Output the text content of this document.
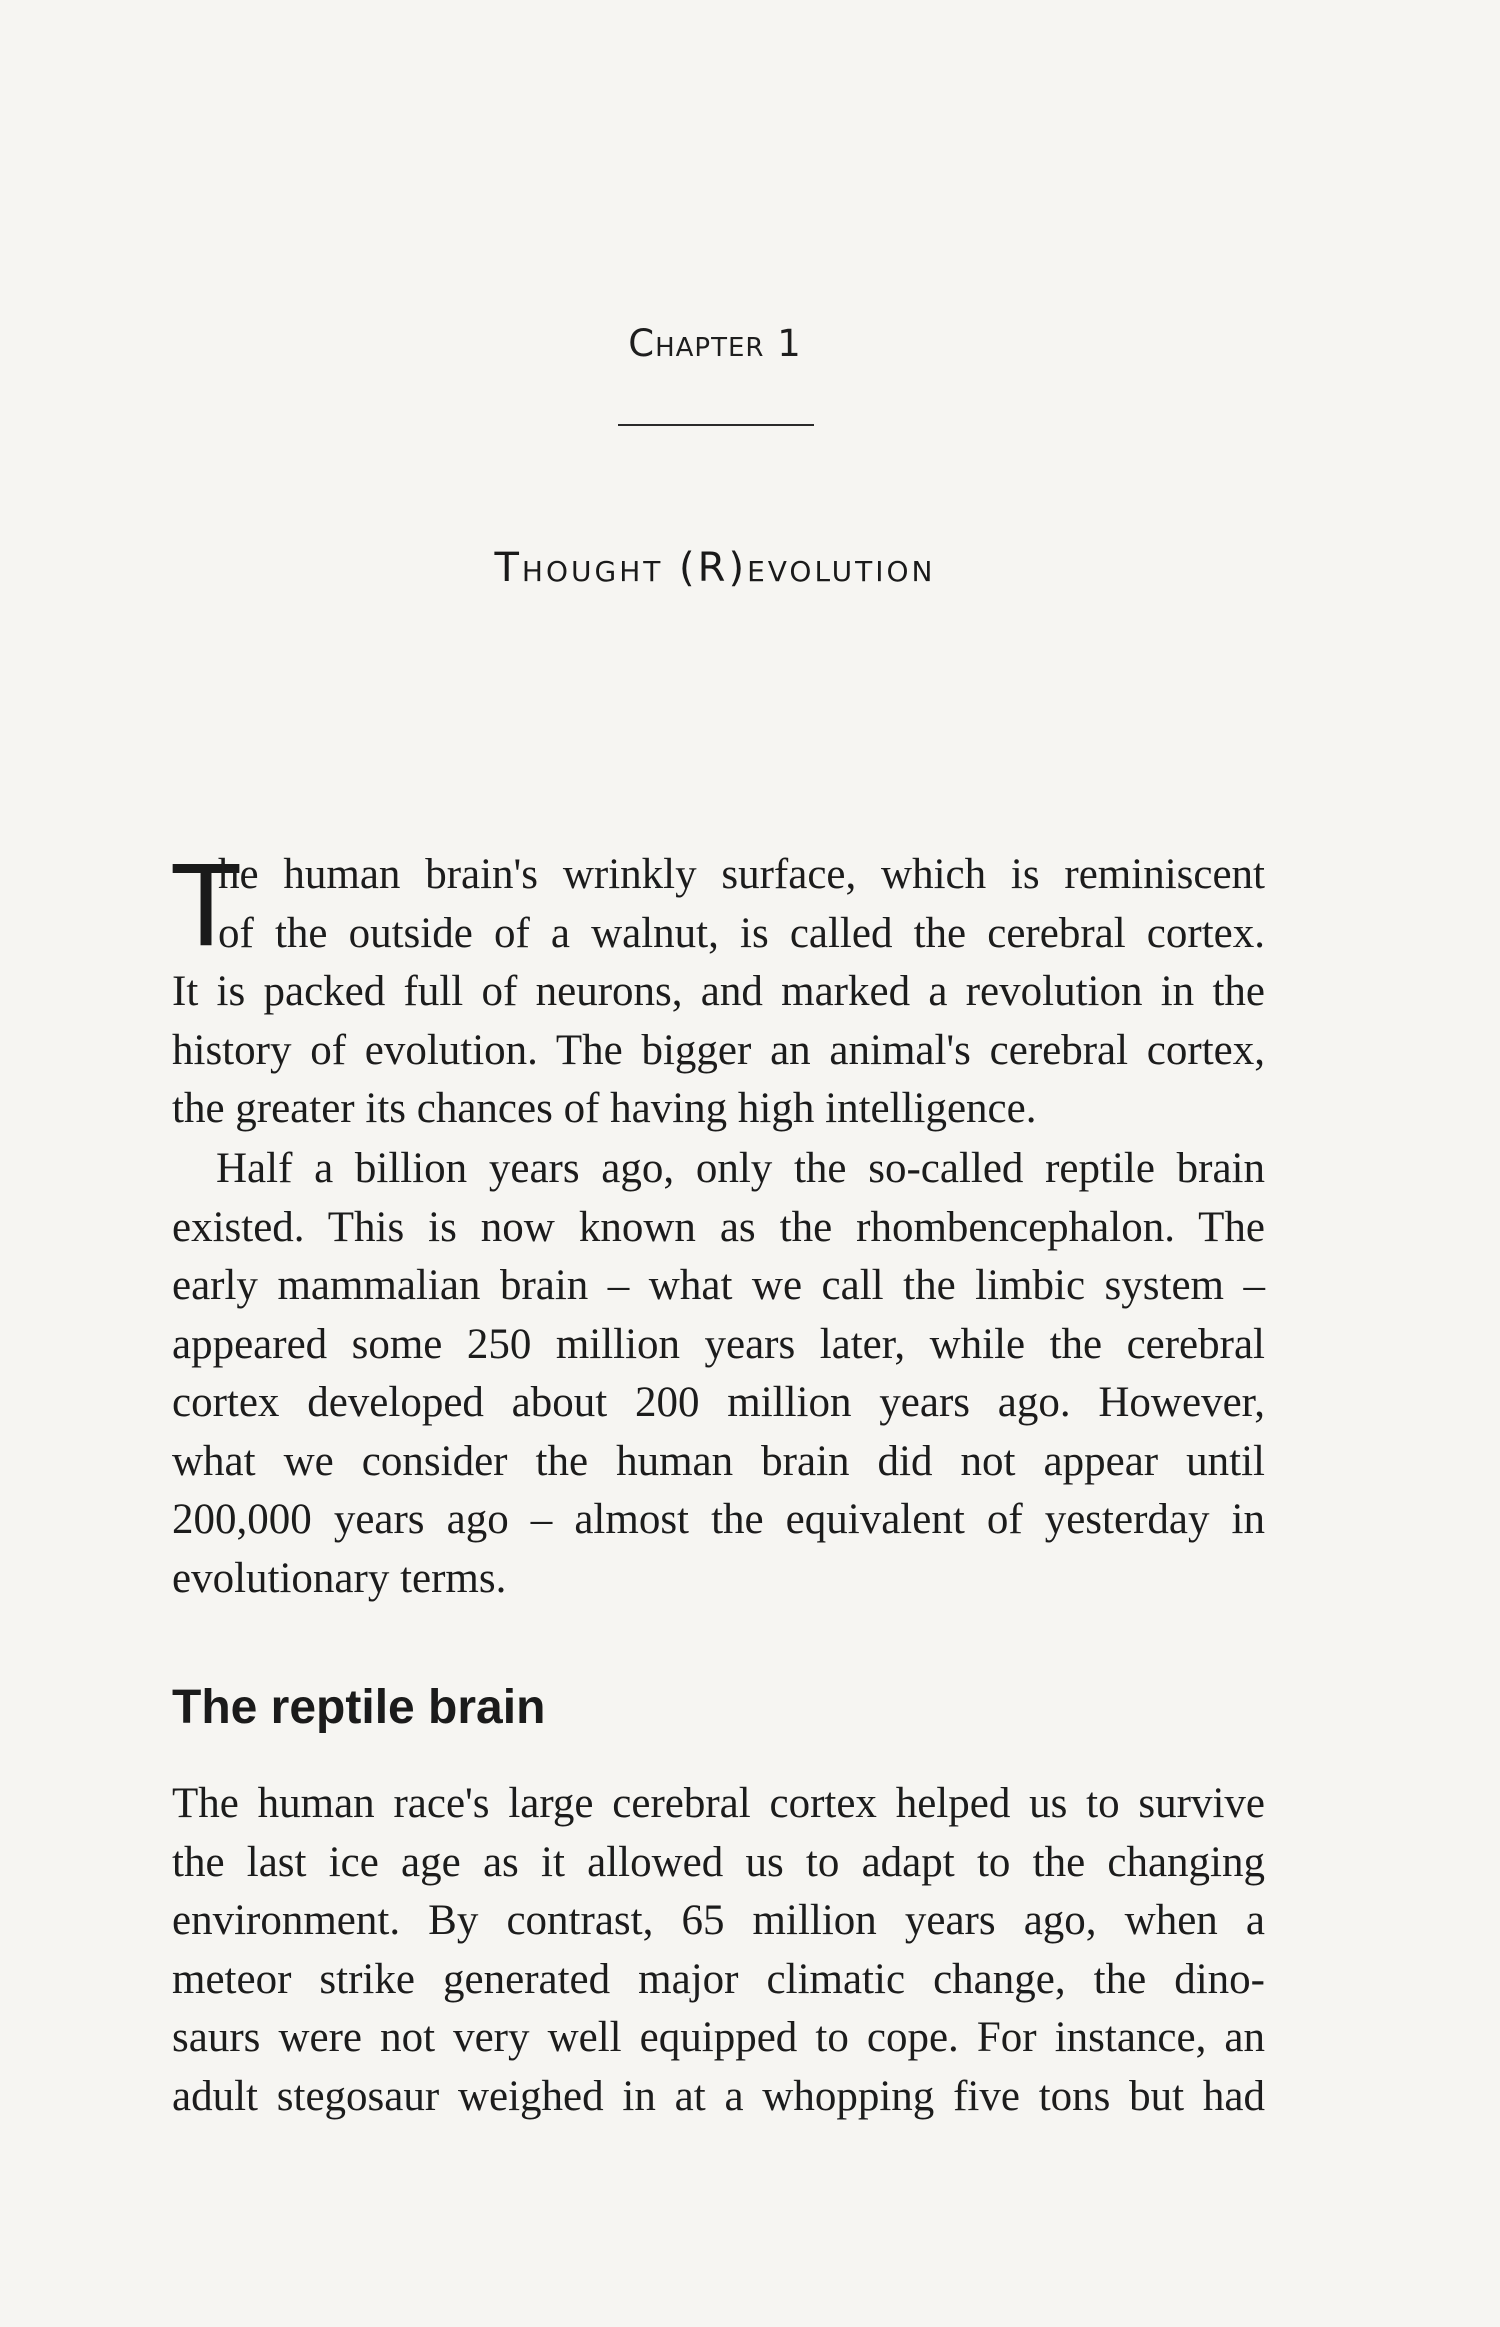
Chapter 1
Thought (R)evolution
T
he human brain's wrinkly surface, which is reminiscent
of the outside of a walnut, is called the cerebral cortex.
It is packed full of neurons, and marked a revolution in the
history of evolution. The bigger an animal's cerebral cortex,
the greater its chances of having high intelligence.
Half a billion years ago, only the so-called reptile brain
existed. This is now known as the rhombencephalon. The
early mammalian brain – what we call the limbic system –
appeared some 250 million years later, while the cerebral
cortex developed about 200 million years ago. However,
what we consider the human brain did not appear until
200,000 years ago – almost the equivalent of yesterday in
evolutionary terms.
The reptile brain
The human race's large cerebral cortex helped us to survive
the last ice age as it allowed us to adapt to the changing
environment. By contrast, 65 million years ago, when a
meteor strike generated major climatic change, the dino-
saurs were not very well equipped to cope. For instance, an
adult stegosaur weighed in at a whopping five tons but had
